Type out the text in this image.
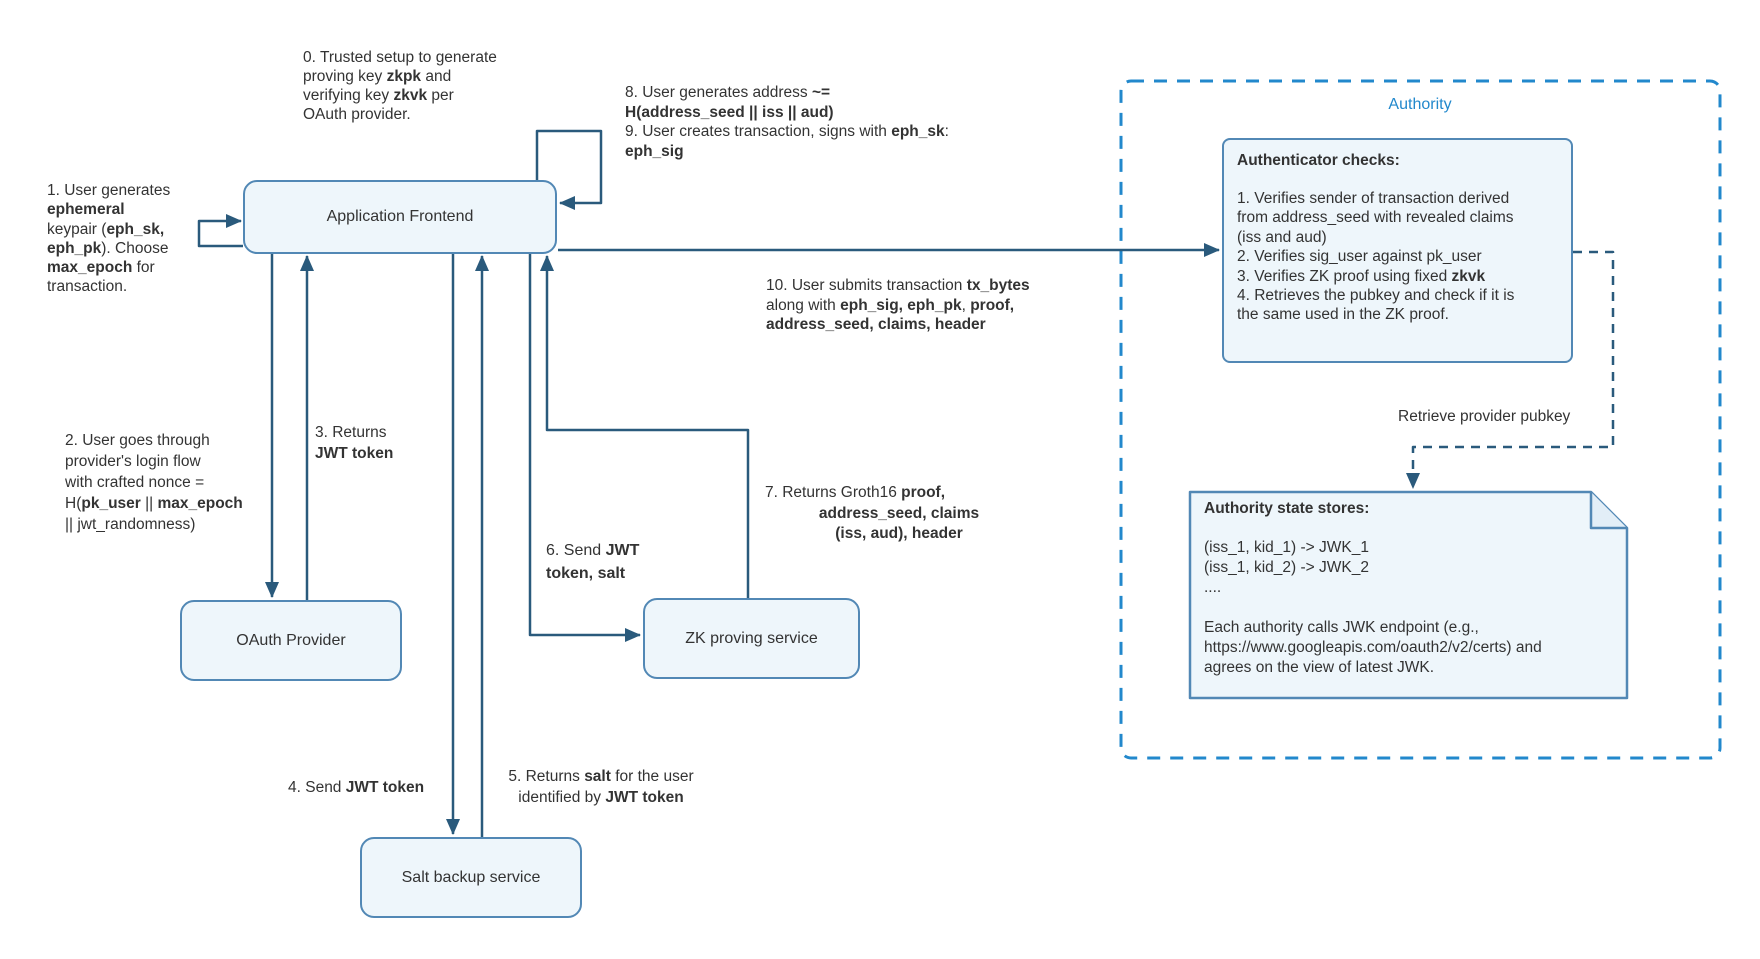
Application Frontend
OAuth Provider	ZK proving service
Salt backup service
Authority
Authenticator checks:
1. Verifies sender of transaction derived
from address_seed with revealed claims
(iss and aud)
2. Verifies sig_user against pk_user
3. Verifies ZK proof using fixed zkvk
4. Retrieves the pubkey and check if it is
the same used in the ZK proof.
Authority state stores:
(iss_1, kid_1) -> JWK_1
(iss_1, kid_2) -> JWK_2
....

Each authority calls JWK endpoint (e.g.,
https://www.googleapis.com/oauth2/v2/certs) and
agrees on the view of latest JWK.
Retrieve provider pubkey
0. Trusted setup to generate
proving key zkpk and
verifying key zkvk per
OAuth provider.
1. User generates
ephemeral
keypair (eph_sk,
eph_pk). Choose
max_epoch for
transaction.
2. User goes through
provider's login flow
with crafted nonce =
H(pk_user || max_epoch
|| jwt_randomness)
3. Returns
JWT token
4. Send JWT token
5. Returns salt for the user
identified by JWT token
6. Send JWT
token, salt
7. Returns Groth16 proof,
address_seed, claims
(iss, aud), header
8. User generates address ~=
H(address_seed || iss || aud)
9. User creates transaction, signs with eph_sk:
eph_sig
10. User submits transaction tx_bytes
along with eph_sig, eph_pk, proof,
address_seed, claims, header
